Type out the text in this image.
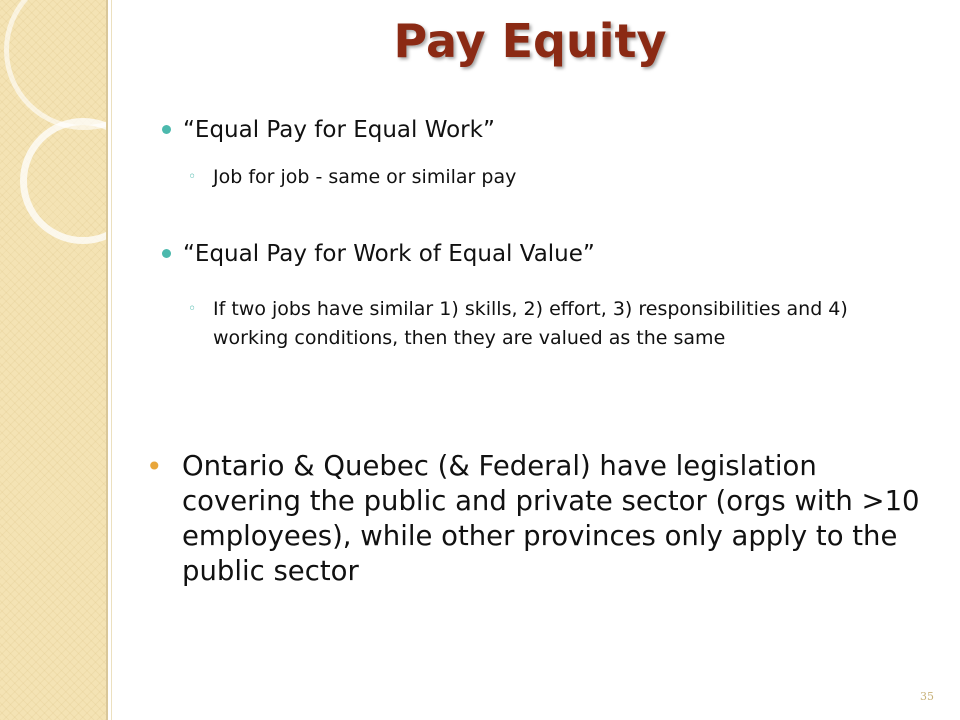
Pay Equity
“Equal Pay for Equal Work”
◦ Job for job - same or similar pay
“Equal Pay for Work of Equal Value”
◦ If two jobs have similar 1) skills, 2) effort, 3) responsibilities and 4) working conditions, then they are valued as the same
• Ontario & Quebec (& Federal) have legislation covering the public and private sector (orgs with >10 employees), while other provinces only apply to the public sector
35
